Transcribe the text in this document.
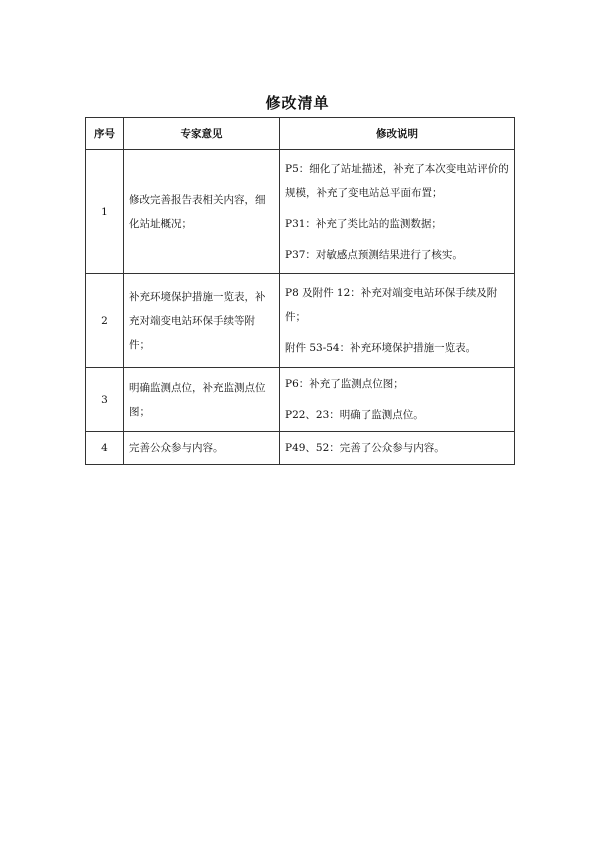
修改清单
序号	专家意见	修改说明
1	修改完善报告表相关内容，细化站址概况；	P5：细化了站址描述，补充了本次变电站评价的规模，补充了变电站总平面布置；
P31：补充了类比站的监测数据；
P37：对敏感点预测结果进行了核实。

2	补充环境保护措施一览表，补充对端变电站环保手续等附件；	P8 及附件 12：补充对端变电站环保手续及附件；
附件 53-54：补充环境保护措施一览表。

3	明确监测点位，补充监测点位图；	P6：补充了监测点位图；
P22、23：明确了监测点位。

4	完善公众参与内容。	P49、52：完善了公众参与内容。
